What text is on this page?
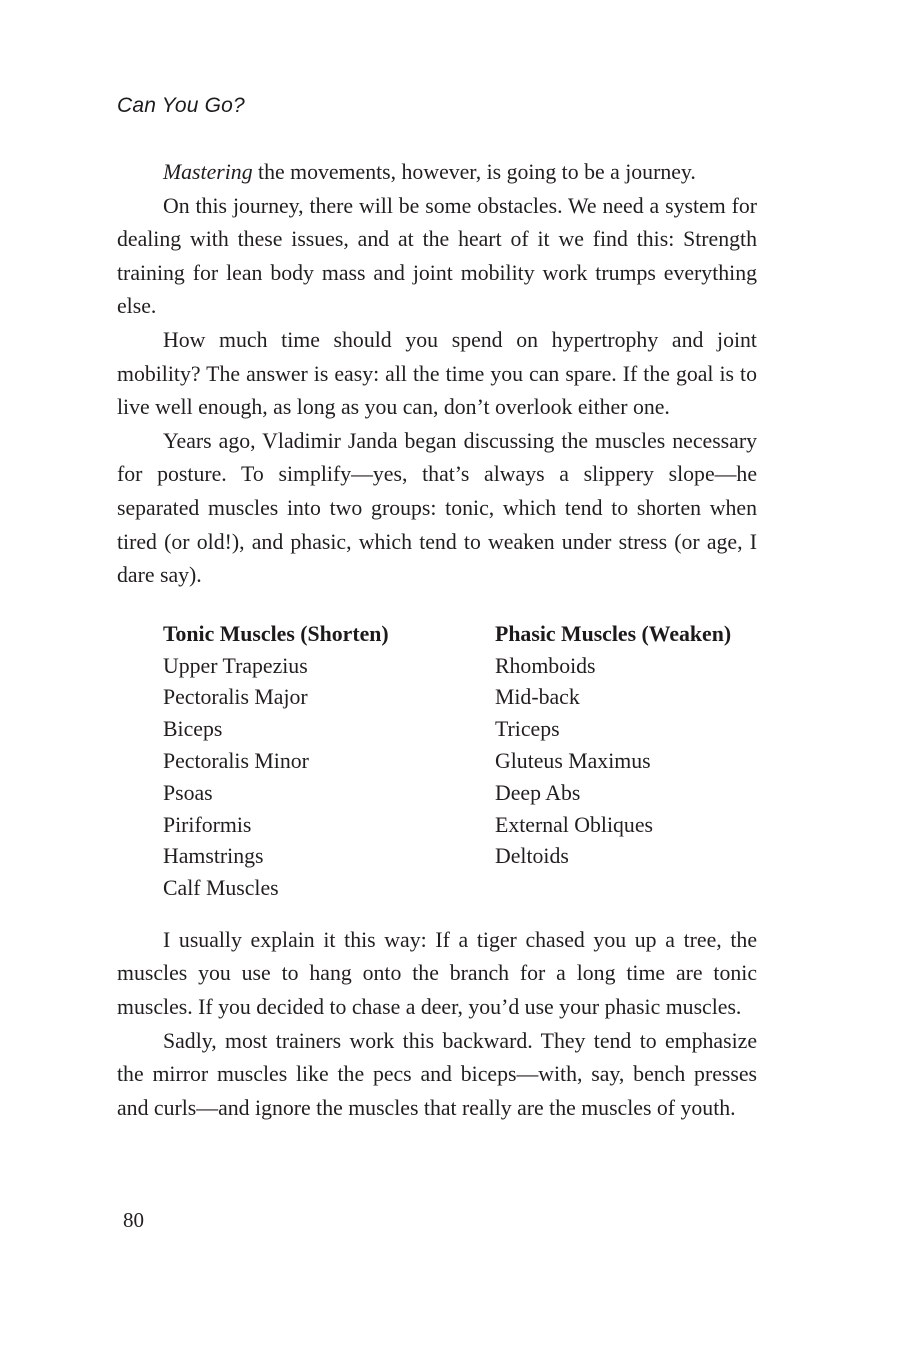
Can You Go?

Mastering the movements, however, is going to be a journey.

On this journey, there will be some obstacles. We need a system for dealing with these issues, and at the heart of it we find this: Strength training for lean body mass and joint mobility work trumps everything else.

How much time should you spend on hypertrophy and joint mobility? The answer is easy: all the time you can spare. If the goal is to live well enough, as long as you can, don’t overlook either one.

Years ago, Vladimir Janda began discussing the muscles necessary for posture. To simplify—yes, that’s always a slippery slope—he separated muscles into two groups: tonic, which tend to shorten when tired (or old!), and phasic, which tend to weaken under stress (or age, I dare say).

Tonic Muscles (Shorten)
Upper Trapezius
Pectoralis Major
Biceps
Pectoralis Minor
Psoas
Piriformis
Hamstrings
Calf Muscles
Phasic Muscles (Weaken)
Rhomboids
Mid-back
Triceps
Gluteus Maximus
Deep Abs
External Obliques
Deltoids

I usually explain it this way: If a tiger chased you up a tree, the muscles you use to hang onto the branch for a long time are tonic muscles. If you decided to chase a deer, you’d use your phasic muscles.

Sadly, most trainers work this backward. They tend to emphasize the mirror muscles like the pecs and biceps—with, say, bench presses and curls—and ignore the muscles that really are the muscles of youth.

80
